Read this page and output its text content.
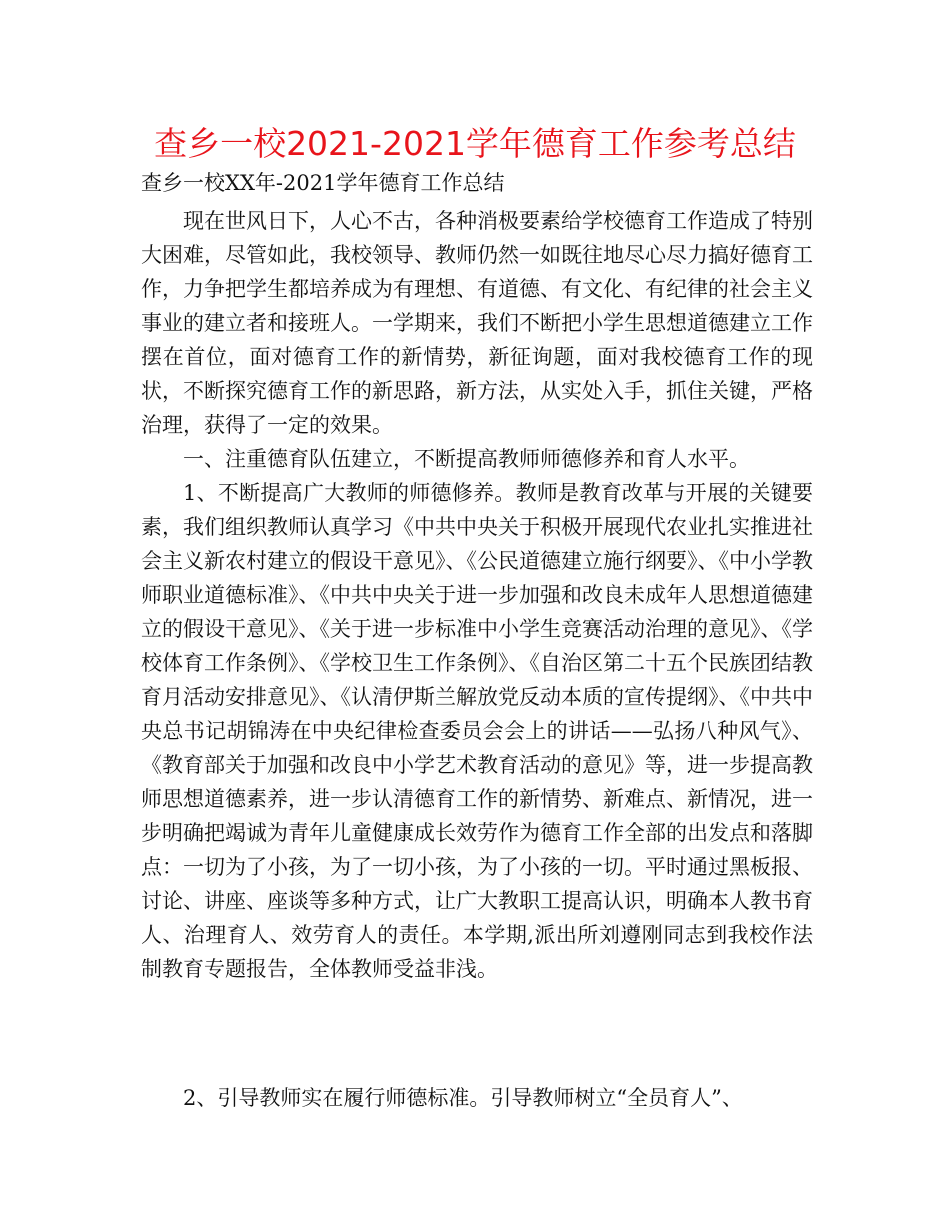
查乡一校2021-2021学年德育工作参考总结
查乡一校XX年-2021学年德育工作总结

现在世风日下，人心不古，各种消极要素给学校德育工作造成了特别大困难，尽管如此，我校领导、教师仍然一如既往地尽心尽力搞好德育工作，力争把学生都培养成为有理想、有道德、有文化、有纪律的社会主义事业的建立者和接班人。一学期来，我们不断把小学生思想道德建立工作摆在首位，面对德育工作的新情势，新征询题，面对我校德育工作的现状，不断探究德育工作的新思路，新方法，从实处入手，抓住关键，严格治理，获得了一定的效果。

一、注重德育队伍建立，不断提高教师师德修养和育人水平。

1、不断提高广大教师的师德修养。教师是教育改革与开展的关键要素，我们组织教师认真学习《中共中央关于积极开展现代农业扎实推进社会主义新农村建立的假设干意见》、《公民道德建立施行纲要》、《中小学教师职业道德标准》、《中共中央关于进一步加强和改良未成年人思想道德建立的假设干意见》、《关于进一步标准中小学生竞赛活动治理的意见》、《学校体育工作条例》、《学校卫生工作条例》、《自治区第二十五个民族团结教育月活动安排意见》、《认清伊斯兰解放党反动本质的宣传提纲》、《中共中央总书记胡锦涛在中央纪律检查委员会会上的讲话——弘扬八种风气》、《教育部关于加强和改良中小学艺术教育活动的意见》等，进一步提高教师思想道德素养，进一步认清德育工作的新情势、新难点、新情况，进一步明确把竭诚为青年儿童健康成长效劳作为德育工作全部的出发点和落脚点：一切为了小孩，为了一切小孩，为了小孩的一切。平时通过黑板报、讨论、讲座、座谈等多种方式，让广大教职工提高认识，明确本人教书育人、治理育人、效劳育人的责任。本学期,派出所刘遵刚同志到我校作法制教育专题报告，全体教师受益非浅。

2、引导教师实在履行师德标准。引导教师树立“全员育人”、
